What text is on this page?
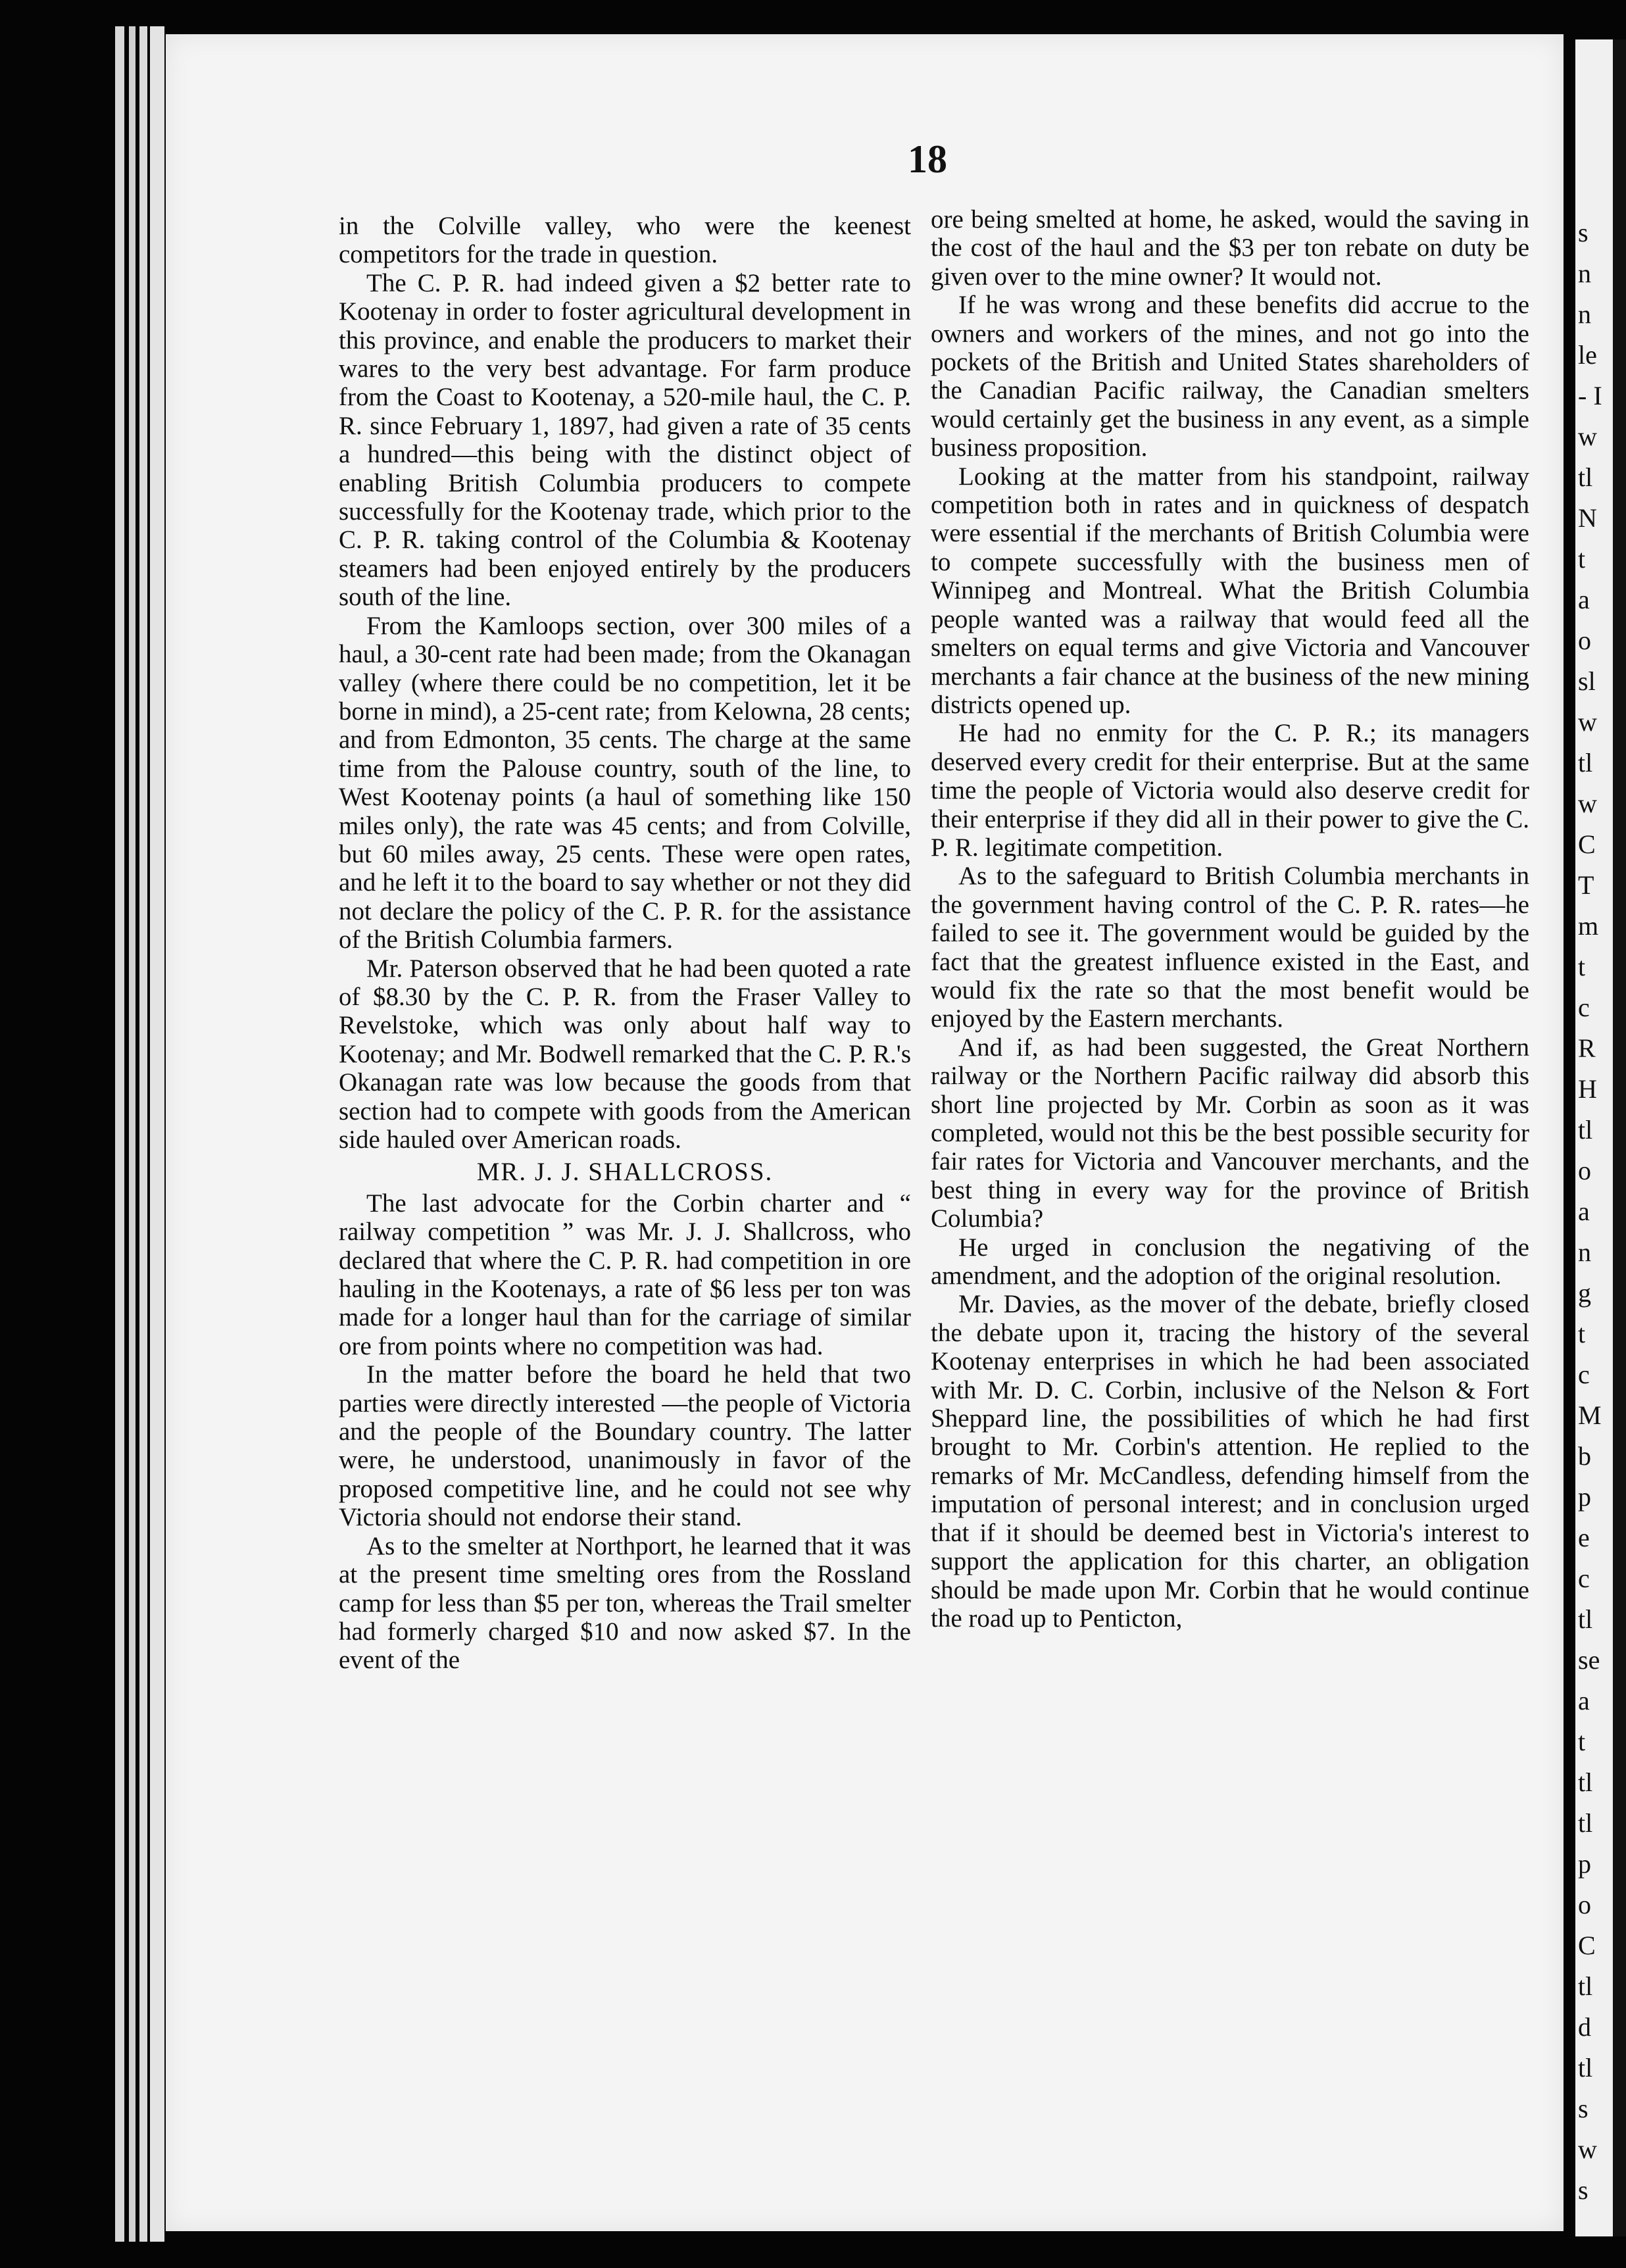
18

in the Colville valley, who were the keenest competitors for the trade in question.

The C. P. R. had indeed given a $2 better rate to Kootenay in order to foster agricultural development in this province, and enable the producers to market their wares to the very best advantage. For farm produce from the Coast to Kootenay, a 520-mile haul, the C. P. R. since February 1, 1897, had given a rate of 35 cents a hundred—this being with the distinct object of enabling British Columbia producers to compete successfully for the Kootenay trade, which prior to the C. P. R. taking control of the Columbia & Kootenay steamers had been enjoyed entirely by the producers south of the line.

From the Kamloops section, over 300 miles of a haul, a 30-cent rate had been made; from the Okanagan valley (where there could be no competition, let it be borne in mind), a 25-cent rate; from Kelowna, 28 cents; and from Edmonton, 35 cents. The charge at the same time from the Palouse country, south of the line, to West Kootenay points (a haul of something like 150 miles only), the rate was 45 cents; and from Colville, but 60 miles away, 25 cents. These were open rates, and he left it to the board to say whether or not they did not declare the policy of the C. P. R. for the assistance of the British Columbia farmers.

Mr. Paterson observed that he had been quoted a rate of $8.30 by the C. P. R. from the Fraser Valley to Revelstoke, which was only about half way to Kootenay; and Mr. Bodwell remarked that the C. P. R.'s Okanagan rate was low because the goods from that section had to compete with goods from the American side hauled over American roads.

MR. J. J. SHALLCROSS.

The last advocate for the Corbin charter and “ railway competition ” was Mr. J. J. Shallcross, who declared that where the C. P. R. had competition in ore hauling in the Kootenays, a rate of $6 less per ton was made for a longer haul than for the carriage of similar ore from points where no competition was had.

In the matter before the board he held that two parties were directly interested —the people of Victoria and the people of the Boundary country. The latter were, he understood, unanimously in favor of the proposed competitive line, and he could not see why Victoria should not endorse their stand.

As to the smelter at Northport, he learned that it was at the present time smelting ores from the Rossland camp for less than $5 per ton, whereas the Trail smelter had formerly charged $10 and now asked $7. In the event of the

ore being smelted at home, he asked, would the saving in the cost of the haul and the $3 per ton rebate on duty be given over to the mine owner? It would not.

If he was wrong and these benefits did accrue to the owners and workers of the mines, and not go into the pockets of the British and United States shareholders of the Canadian Pacific railway, the Canadian smelters would certainly get the business in any event, as a simple business proposition.

Looking at the matter from his standpoint, railway competition both in rates and in quickness of despatch were essential if the merchants of British Columbia were to compete successfully with the business men of Winnipeg and Montreal. What the British Columbia people wanted was a railway that would feed all the smelters on equal terms and give Victoria and Vancouver merchants a fair chance at the business of the new mining districts opened up.

He had no enmity for the C. P. R.; its managers deserved every credit for their enterprise. But at the same time the people of Victoria would also deserve credit for their enterprise if they did all in their power to give the C. P. R. legitimate competition.

As to the safeguard to British Columbia merchants in the government having control of the C. P. R. rates—he failed to see it. The government would be guided by the fact that the greatest influence existed in the East, and would fix the rate so that the most benefit would be enjoyed by the Eastern merchants.

And if, as had been suggested, the Great Northern railway or the Northern Pacific railway did absorb this short line projected by Mr. Corbin as soon as it was completed, would not this be the best possible security for fair rates for Victoria and Vancouver merchants, and the best thing in every way for the province of British Columbia?

He urged in conclusion the negativing of the amendment, and the adoption of the original resolution.

Mr. Davies, as the mover of the debate, briefly closed the debate upon it, tracing the history of the several Kootenay enterprises in which he had been associated with Mr. D. C. Corbin, inclusive of the Nelson & Fort Sheppard line, the possibilities of which he had first brought to Mr. Corbin's attention. He replied to the remarks of Mr. McCandless, defending himself from the imputation of personal interest; and in conclusion urged that if it should be deemed best in Victoria's interest to support the application for this charter, an obligation should be made upon Mr. Corbin that he would continue the road up to Penticton,

s
n
n
le
- I
w
tl
N
t
a
o
sl
w
tl
w
C
T
m
t
c
R
H
tl
o
a
n
g
t
c
M
b
p
e
c
tl
se
a
t
tl
tl
p
o
C
tl
d
tl
s
w
s
